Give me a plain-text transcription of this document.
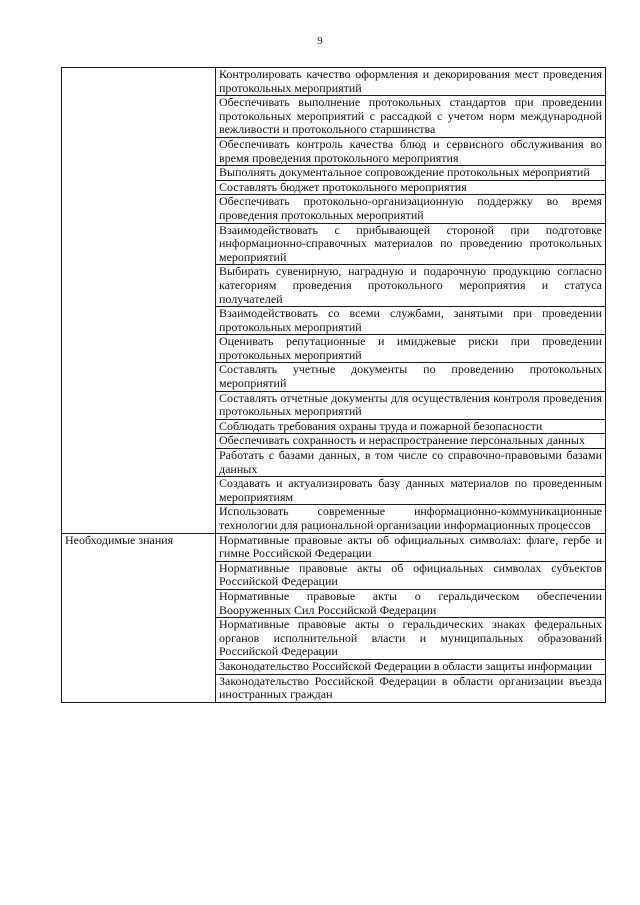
9
	Контролировать качество оформления и декорирования мест проведения протокольных мероприятий
	Обеспечивать выполнение протокольных стандартов при проведении протокольных мероприятий с рассадкой с учетом норм международной вежливости и протокольного старшинства
	Обеспечивать контроль качества блюд и сервисного обслуживания во время проведения протокольного мероприятия
	Выполнять документальное сопровождение протокольных мероприятий
	Составлять бюджет протокольного мероприятия
	Обеспечивать протокольно-организационную поддержку во время проведения протокольных мероприятий
	Взаимодействовать с прибывающей стороной при подготовке информационно-справочных материалов по проведению протокольных мероприятий
	Выбирать сувенирную, наградную и подарочную продукцию согласно категориям проведения протокольного мероприятия и статуса получателей
	Взаимодействовать со всеми службами, занятыми при проведении протокольных мероприятий
	Оценивать репутационные и имиджевые риски при проведении протокольных мероприятий
	Составлять учетные документы по проведению протокольных мероприятий
	Составлять отчетные документы для осуществления контроля проведения протокольных мероприятий
	Соблюдать требования охраны труда и пожарной безопасности
	Обеспечивать сохранность и нераспространение персональных данных
	Работать с базами данных, в том числе со справочно-правовыми базами данных
	Создавать и актуализировать базу данных материалов по проведенным мероприятиям
	Использовать современные информационно-коммуникационные технологии для рациональной организации информационных процессов
Необходимые знания	Нормативные правовые акты об официальных символах: флаге, гербе и гимне Российской Федерации
	Нормативные правовые акты об официальных символах субъектов Российской Федерации
	Нормативные правовые акты о геральдическом обеспечении Вооруженных Сил Российской Федерации
	Нормативные правовые акты о геральдических знаках федеральных органов исполнительной власти и муниципальных образований Российской Федерации
	Законодательство Российской Федерации в области защиты информации
	Законодательство Российской Федерации в области организации въезда иностранных граждан
